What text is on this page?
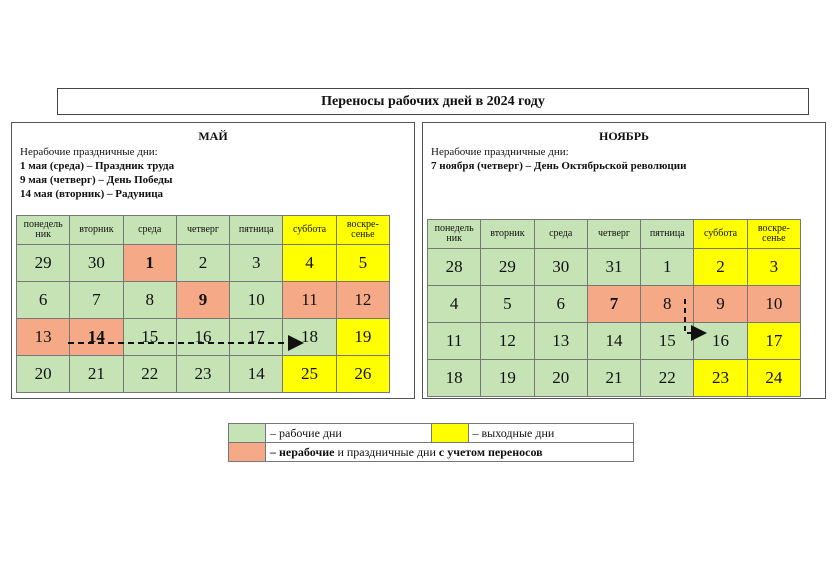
Переносы рабочих дней в 2024 году
МАЙ
Нерабочие праздничные дни:
1 мая (среда) – Праздник труда
9 мая (четверг) – День Победы
14 мая (вторник) – Радуница
понедель ник	вторник	среда	четверг	пятница	суббота	воскре- сенье
29	30	1	2	3	4	5
6	7	8	9	10	11	12
13	14	15	16	17	18	19
20	21	22	23	14	25	26
НОЯБРЬ
Нерабочие праздничные дни:
7 ноября (четверг) – День Октябрьской революции
понедель ник	вторник	среда	четверг	пятница	суббота	воскре- сенье
28	29	30	31	1	2	3
4	5	6	7	8	9	10
11	12	13	14	15	16	17
18	19	20	21	22	23	24
	– рабочие дни		– выходные дни
	– нерабочие и праздничные дни с учетом переносов		
